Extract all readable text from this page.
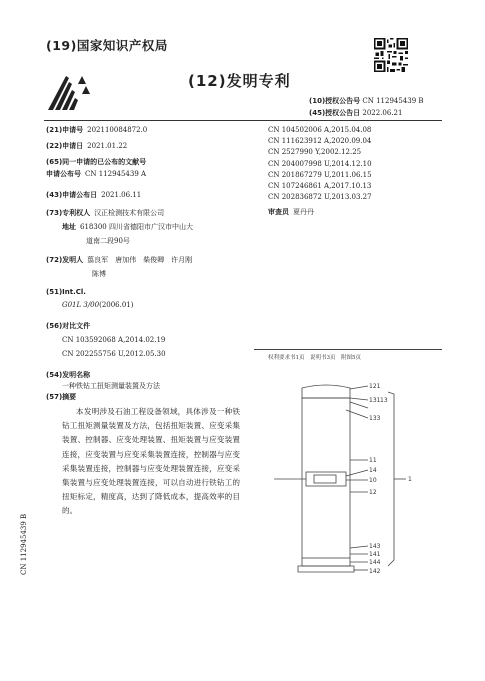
(19)国家知识产权局
(12)发明专利
(10)授权公告号 CN 112945439 B
(45)授权公告日 2022.06.21
(21)申请号 202110084872.0
(22)申请日 2021.01.22
(65)同一申请的已公布的文献号
申请公布号 CN 112945439 A
(43)申请公布日 2021.06.11
(73)专利权人 汉正检测技术有限公司
地址 618300 四川省德阳市广汉市中山大
道南二段90号
(72)发明人 翦良军　唐加伟　柴俊卿　许月刚
陈博
(51)Int.Cl.
G01L 3/00(2006.01)
(56)对比文件
CN 103592068 A,2014.02.19
CN 202255756 U,2012.05.30
CN 104502006 A,2015.04.08
CN 111623912 A,2020.09.04
CN 2527990 Y,2002.12.25
CN 204007998 U,2014.12.10
CN 201867279 U,2011.06.15
CN 107246861 A,2017.10.13
CN 202836872 U,2013.03.27
审查员 夏丹丹
权利要求书1页　说明书3页　附图5页
(54)发明名称
一种铁钻工扭矩测量装置及方法
(57)摘要
本发明涉及石油工程设备领域，具体涉及一种铁钻工扭矩测量装置及方法，包括扭矩装置、应变采集装置、控制器、应变处理装置、扭矩装置与应变装置连接，应变装置与应变采集装置连接，控制器与应变采集装置连接，控制器与应变处理装置连接，应变采集装置与应变处理装置连接，可以自动进行铁钻工的扭矩标定，精度高，达到了降低成本，提高效率的目的。
121
131 13
133
11
14
10
12
143
141
144
142
1
CN 112945439 B
